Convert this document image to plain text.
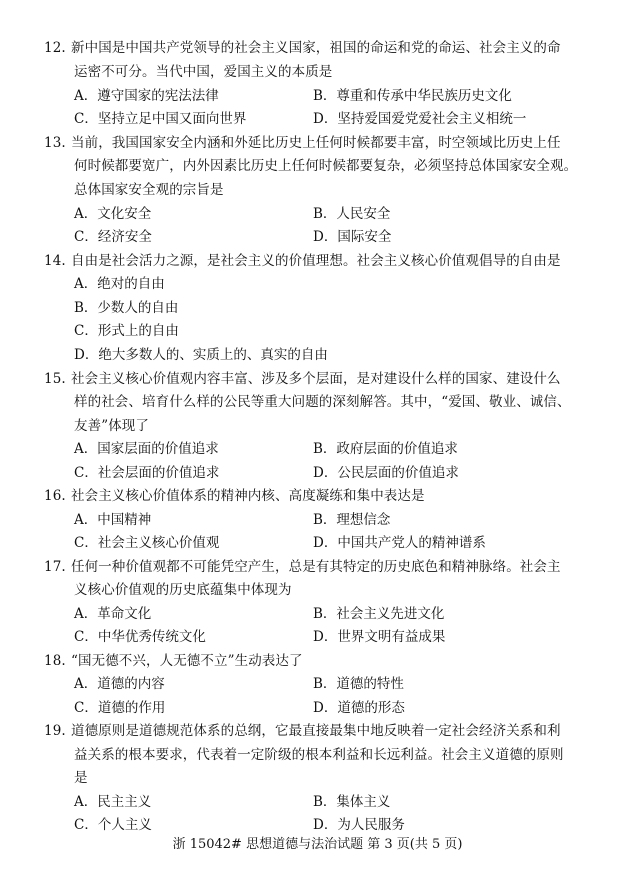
12. 新中国是中国共产党领导的社会主义国家，祖国的命运和党的命运、社会主义的命
运密不可分。当代中国，爱国主义的本质是
A．遵守国家的宪法法律	B．尊重和传承中华民族历史文化
C．坚持立足中国又面向世界	D．坚持爱国爱党爱社会主义相统一
13. 当前，我国国家安全内涵和外延比历史上任何时候都要丰富，时空领域比历史上任
何时候都要宽广，内外因素比历史上任何时候都要复杂，必须坚持总体国家安全观。
总体国家安全观的宗旨是
A．文化安全	B．人民安全
C．经济安全	D．国际安全
14. 自由是社会活力之源，是社会主义的价值理想。社会主义核心价值观倡导的自由是
A．绝对的自由
B．少数人的自由
C．形式上的自由
D．绝大多数人的、实质上的、真实的自由
15. 社会主义核心价值观内容丰富、涉及多个层面，是对建设什么样的国家、建设什么
样的社会、培育什么样的公民等重大问题的深刻解答。其中，“爱国、敬业、诚信、
友善”体现了
A．国家层面的价值追求	B．政府层面的价值追求
C．社会层面的价值追求	D．公民层面的价值追求
16. 社会主义核心价值体系的精神内核、高度凝练和集中表达是
A．中国精神	B．理想信念
C．社会主义核心价值观	D．中国共产党人的精神谱系
17. 任何一种价值观都不可能凭空产生，总是有其特定的历史底色和精神脉络。社会主
义核心价值观的历史底蕴集中体现为
A．革命文化	B．社会主义先进文化
C．中华优秀传统文化	D．世界文明有益成果
18. “国无德不兴，人无德不立”生动表达了
A．道德的内容	B．道德的特性
C．道德的作用	D．道德的形态
19. 道德原则是道德规范体系的总纲，它最直接最集中地反映着一定社会经济关系和利
益关系的根本要求，代表着一定阶级的根本利益和长远利益。社会主义道德的原则
是
A．民主主义	B．集体主义
C．个人主义	D．为人民服务
浙 15042# 思想道德与法治试题 第 3 页(共 5 页)
